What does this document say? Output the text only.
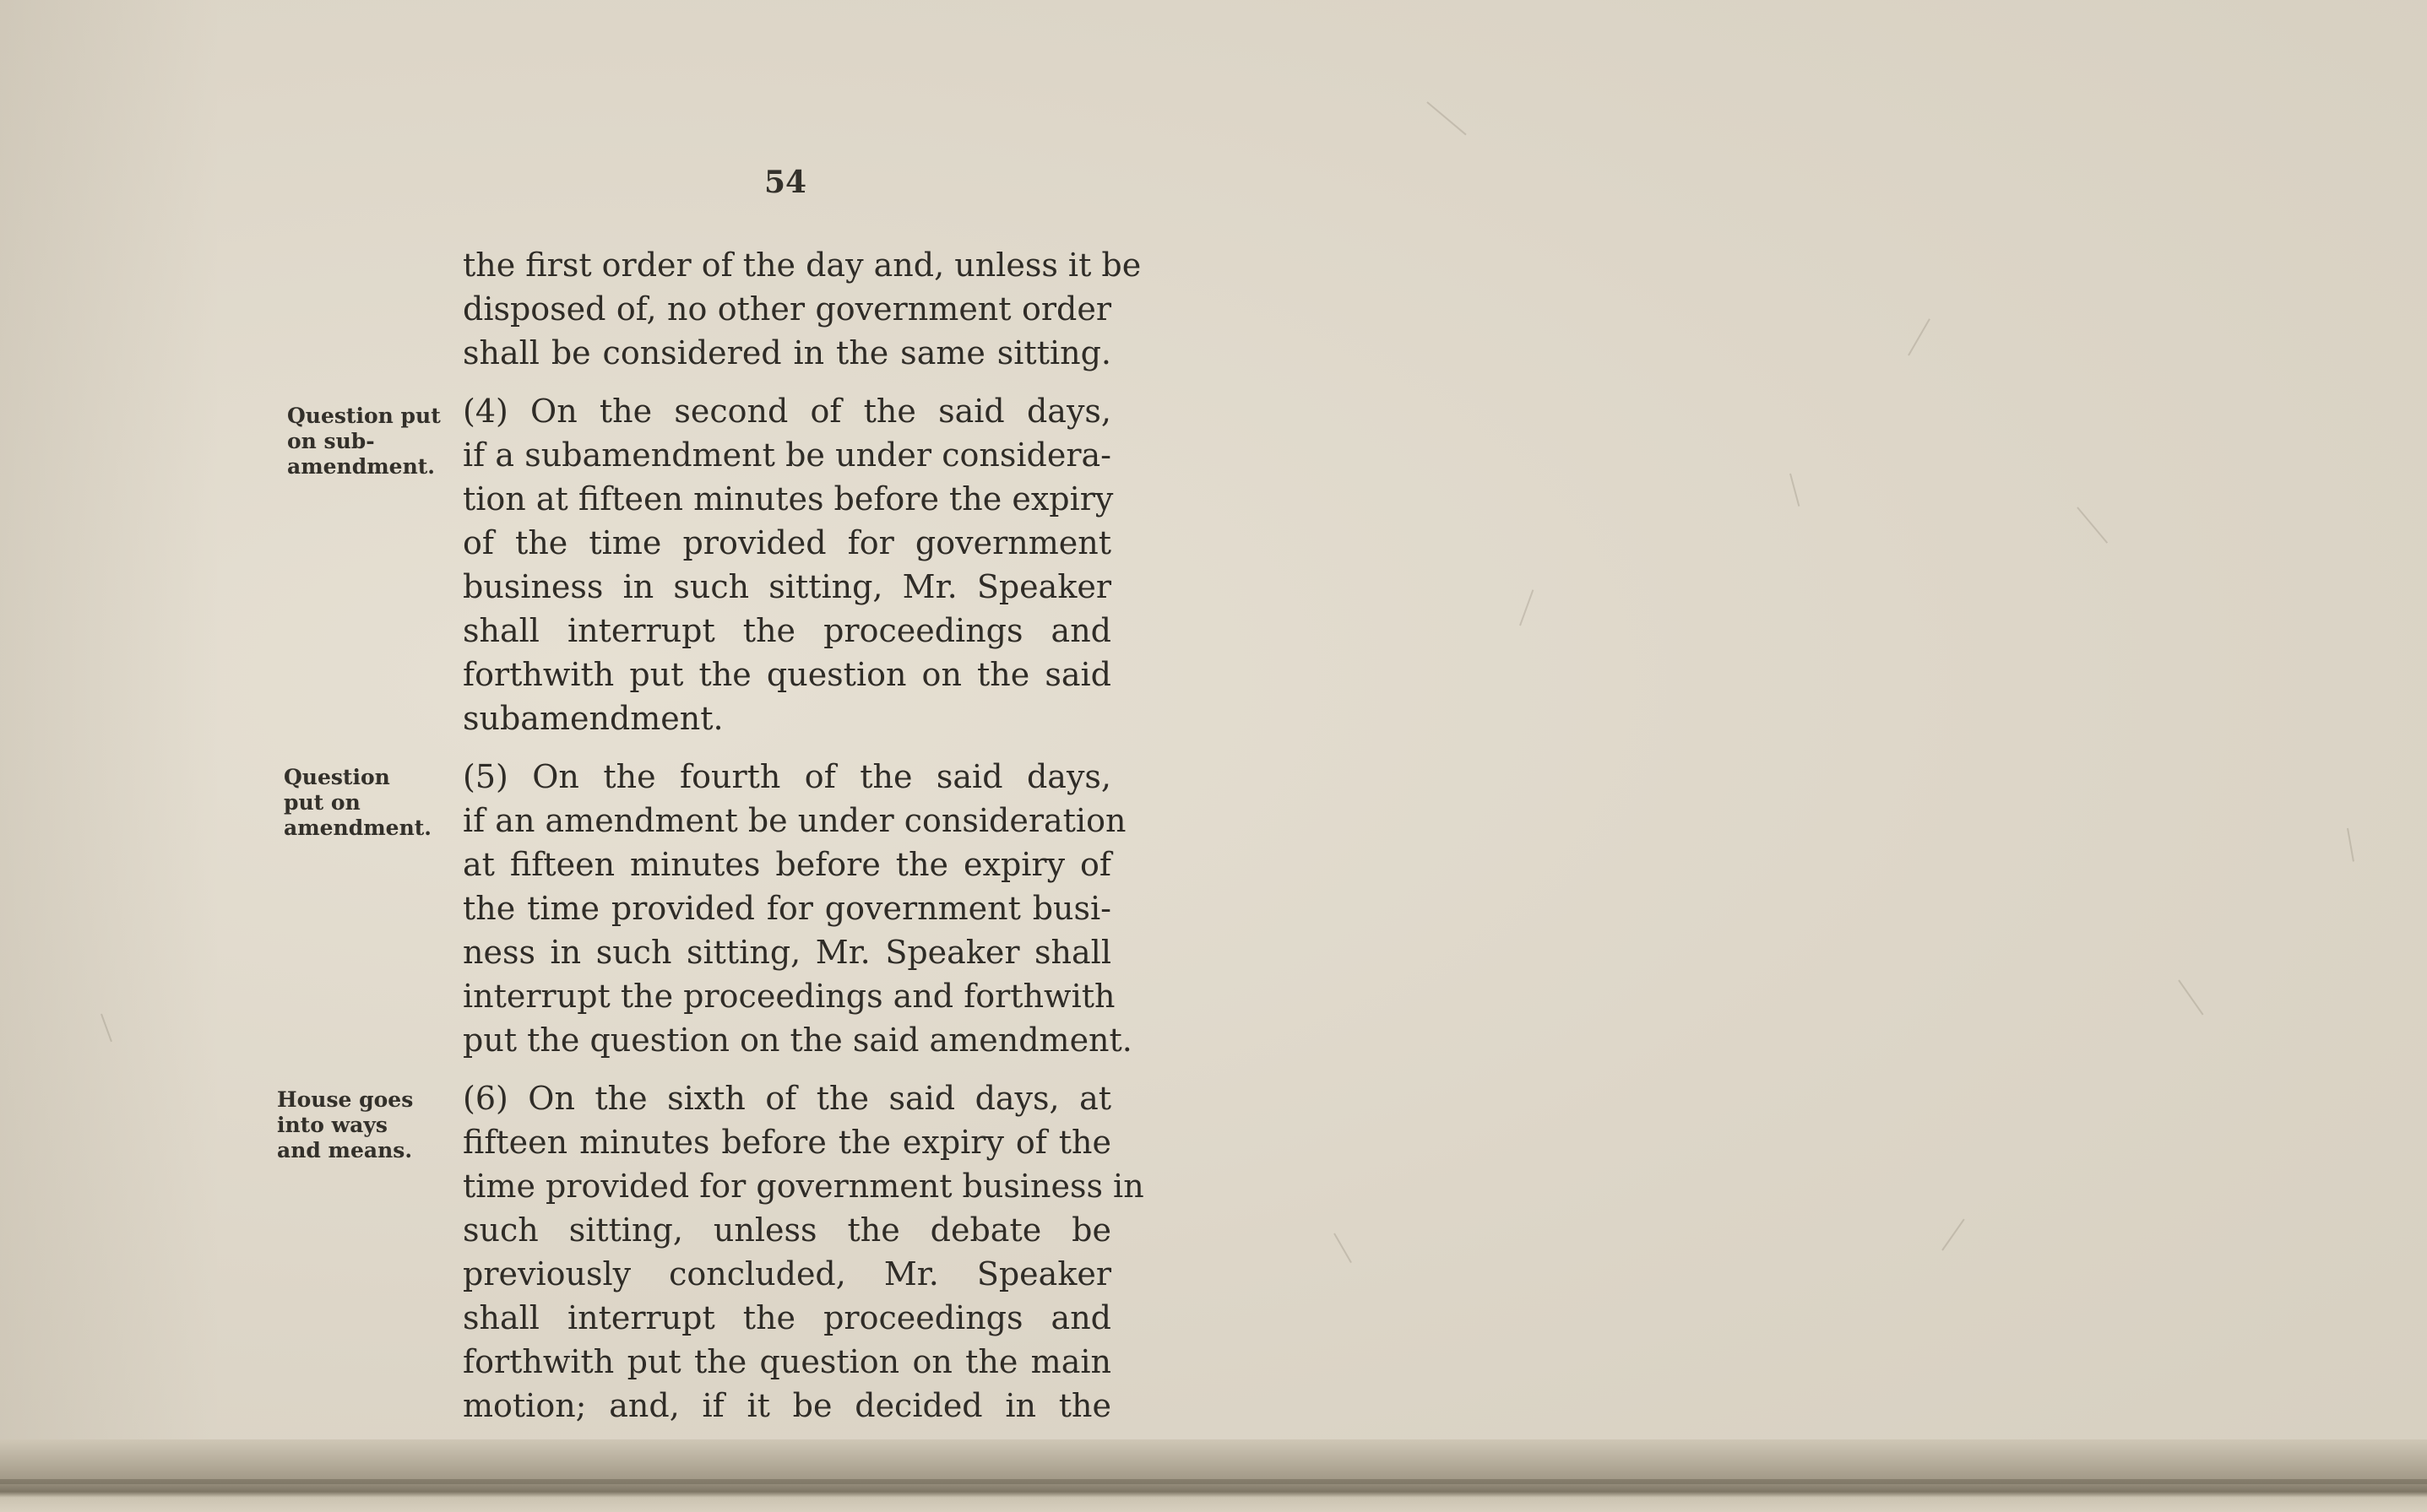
54
Question put
on sub-
amendment.
Question
put on
amendment.
House goes
into ways
and means.
the first order of the day and, unless it be
disposed of, no other government order
shall be considered in the same sitting.
(4) On the second of the said days,
if a subamendment be under considera-
tion at fifteen minutes before the expiry
of the time provided for government
business in such sitting, Mr. Speaker
shall interrupt the proceedings and
forthwith put the question on the said
subamendment.
(5) On the fourth of the said days,
if an amendment be under consideration
at fifteen minutes before the expiry of
the time provided for government busi-
ness in such sitting, Mr. Speaker shall
interrupt the proceedings and forthwith
put the question on the said amendment.
(6) On the sixth of the said days, at
fifteen minutes before the expiry of the
time provided for government business in
such sitting, unless the debate be
previously concluded, Mr. Speaker
shall interrupt the proceedings and
forthwith put the question on the main
motion; and, if it be decided in the
